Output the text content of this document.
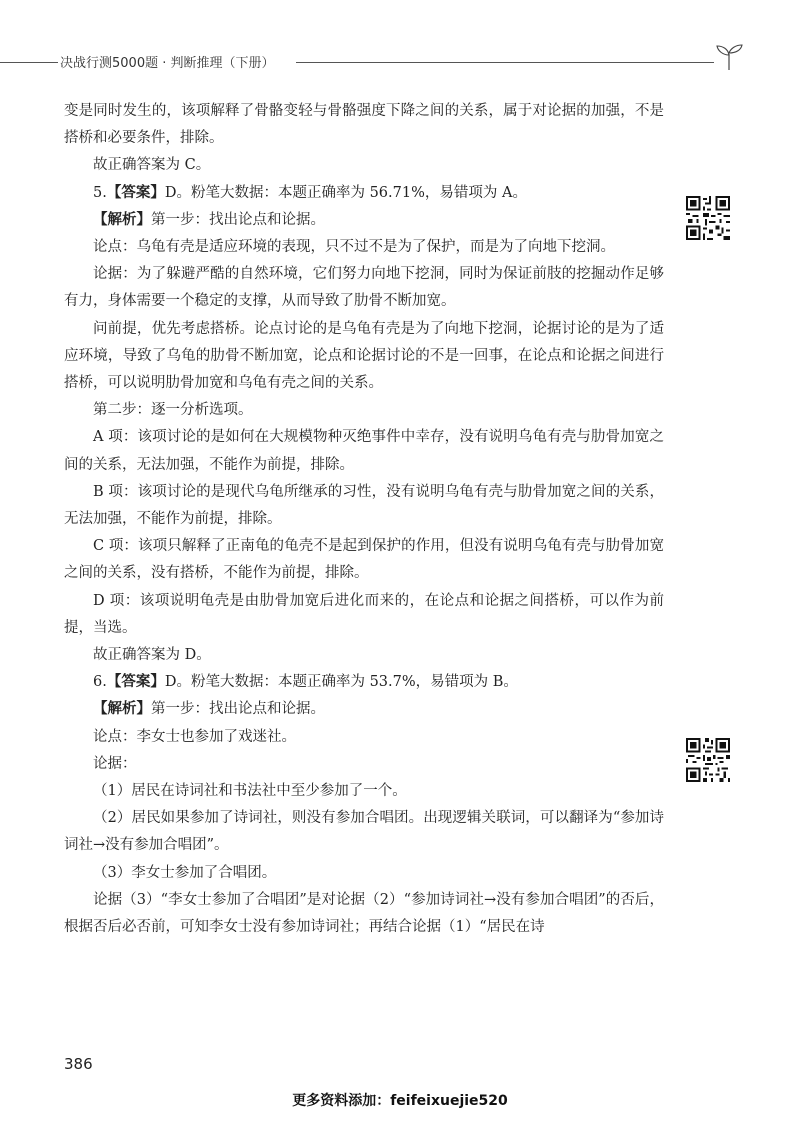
决战行测5000题 · 判断推理（下册）

变是同时发生的，该项解释了骨骼变轻与骨骼强度下降之间的关系，属于对论据的加强，不是搭桥和必要条件，排除。

故正确答案为 C。

5.【答案】D。粉笔大数据：本题正确率为 56.71%，易错项为 A。

【解析】第一步：找出论点和论据。

论点：乌龟有壳是适应环境的表现，只不过不是为了保护，而是为了向地下挖洞。

论据：为了躲避严酷的自然环境，它们努力向地下挖洞，同时为保证前肢的挖掘动作足够有力，身体需要一个稳定的支撑，从而导致了肋骨不断加宽。

问前提，优先考虑搭桥。论点讨论的是乌龟有壳是为了向地下挖洞，论据讨论的是为了适应环境，导致了乌龟的肋骨不断加宽，论点和论据讨论的不是一回事，在论点和论据之间进行搭桥，可以说明肋骨加宽和乌龟有壳之间的关系。

第二步：逐一分析选项。

A 项：该项讨论的是如何在大规模物种灭绝事件中幸存，没有说明乌龟有壳与肋骨加宽之间的关系，无法加强，不能作为前提，排除。

B 项：该项讨论的是现代乌龟所继承的习性，没有说明乌龟有壳与肋骨加宽之间的关系，无法加强，不能作为前提，排除。

C 项：该项只解释了正南龟的龟壳不是起到保护的作用，但没有说明乌龟有壳与肋骨加宽之间的关系，没有搭桥，不能作为前提，排除。

D 项：该项说明龟壳是由肋骨加宽后进化而来的，在论点和论据之间搭桥，可以作为前提，当选。

故正确答案为 D。

6.【答案】D。粉笔大数据：本题正确率为 53.7%，易错项为 B。

【解析】第一步：找出论点和论据。

论点：李女士也参加了戏迷社。

论据：

（1）居民在诗词社和书法社中至少参加了一个。

（2）居民如果参加了诗词社，则没有参加合唱团。出现逻辑关联词，可以翻译为“参加诗词社→没有参加合唱团”。

（3）李女士参加了合唱团。

论据（3）“李女士参加了合唱团”是对论据（2）“参加诗词社→没有参加合唱团”的否后，根据否后必否前，可知李女士没有参加诗词社；再结合论据（1）“居民在诗

386
更多资料添加：feifeixuejie520
